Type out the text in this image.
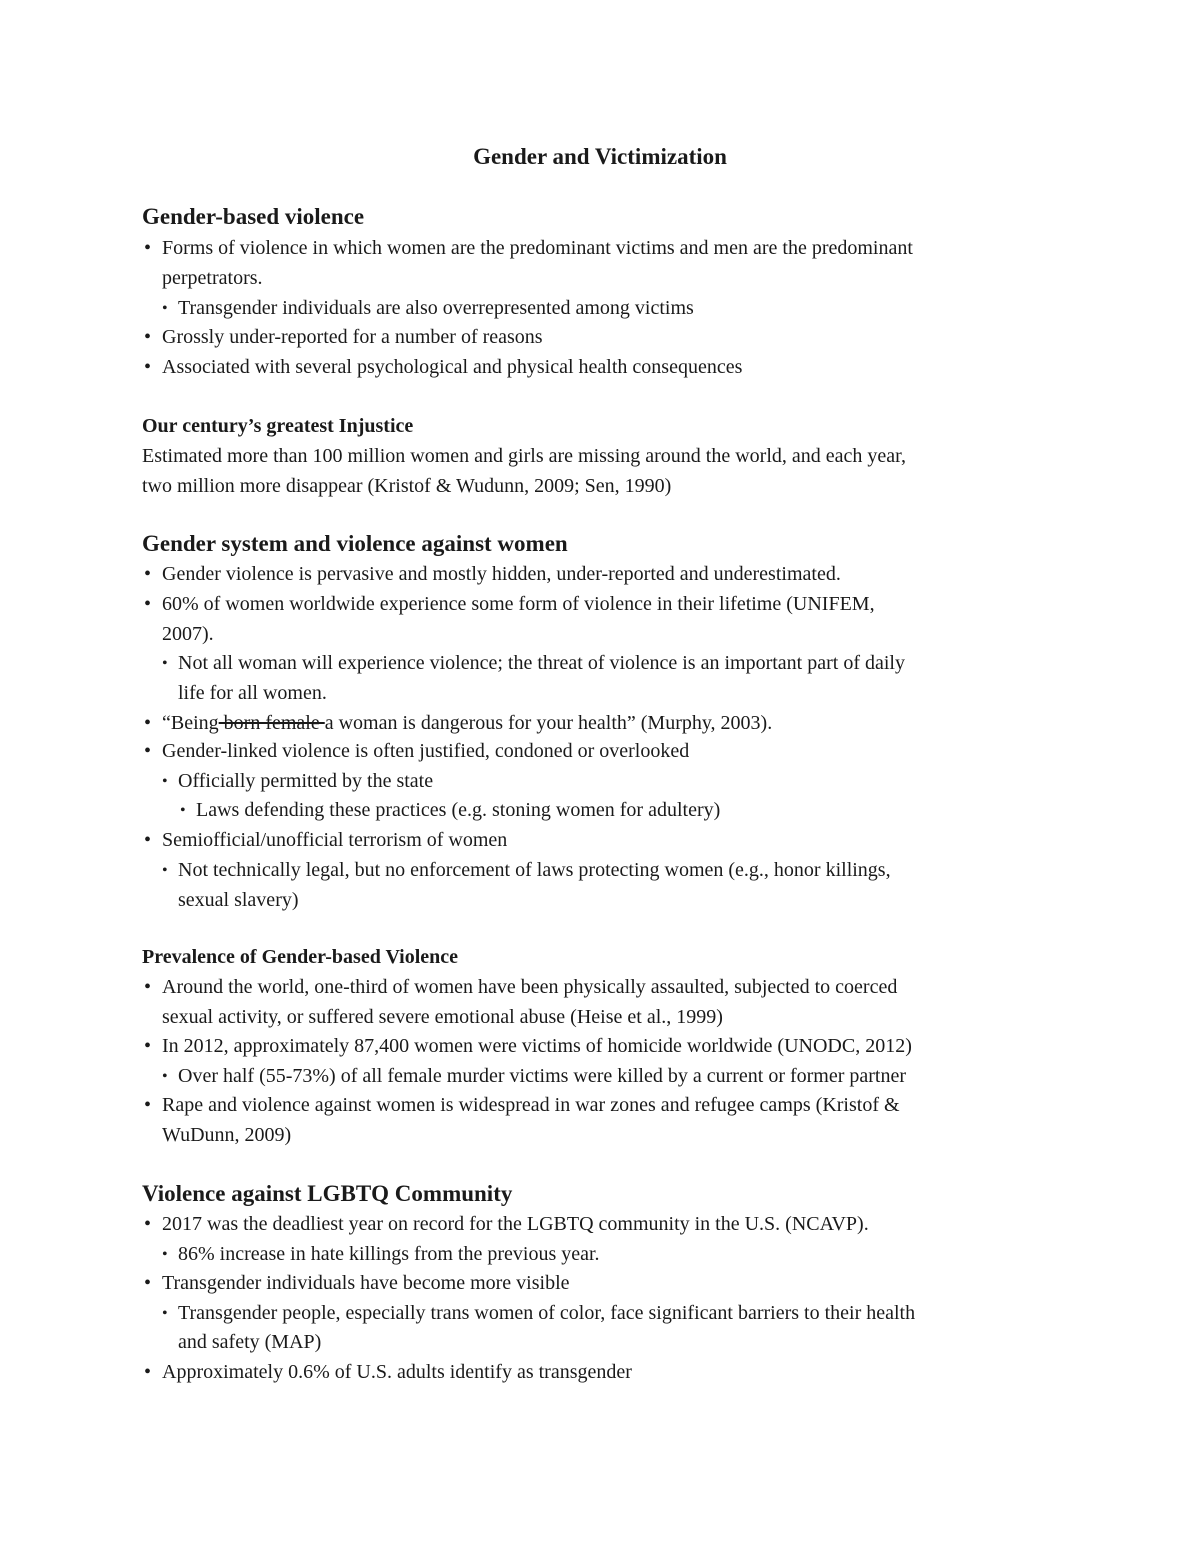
Gender and Victimization
Gender-based violence
• Forms of violence in which women are the predominant victims and men are the predominant
perpetrators.
• Transgender individuals are also overrepresented among victims
• Grossly under-reported for a number of reasons
• Associated with several psychological and physical health consequences
Our century’s greatest Injustice
Estimated more than 100 million women and girls are missing around the world, and each year,
two million more disappear (Kristof & Wudunn, 2009; Sen, 1990)
Gender system and violence against women
• Gender violence is pervasive and mostly hidden, under-reported and underestimated.
• 60% of women worldwide experience some form of violence in their lifetime (UNIFEM,
2007).
• Not all woman will experience violence; the threat of violence is an important part of daily
life for all women.
• “Being born female a woman is dangerous for your health” (Murphy, 2003).
• Gender-linked violence is often justified, condoned or overlooked
• Officially permitted by the state
• Laws defending these practices (e.g. stoning women for adultery)
• Semiofficial/unofficial terrorism of women
• Not technically legal, but no enforcement of laws protecting women (e.g., honor killings,
sexual slavery)
Prevalence of Gender-based Violence
• Around the world, one-third of women have been physically assaulted, subjected to coerced
sexual activity, or suffered severe emotional abuse (Heise et al., 1999)
• In 2012, approximately 87,400 women were victims of homicide worldwide (UNODC, 2012)
• Over half (55-73%) of all female murder victims were killed by a current or former partner
• Rape and violence against women is widespread in war zones and refugee camps (Kristof &
WuDunn, 2009)
Violence against LGBTQ Community
• 2017 was the deadliest year on record for the LGBTQ community in the U.S. (NCAVP).
• 86% increase in hate killings from the previous year.
• Transgender individuals have become more visible
• Transgender people, especially trans women of color, face significant barriers to their health
and safety (MAP)
• Approximately 0.6% of U.S. adults identify as transgender
